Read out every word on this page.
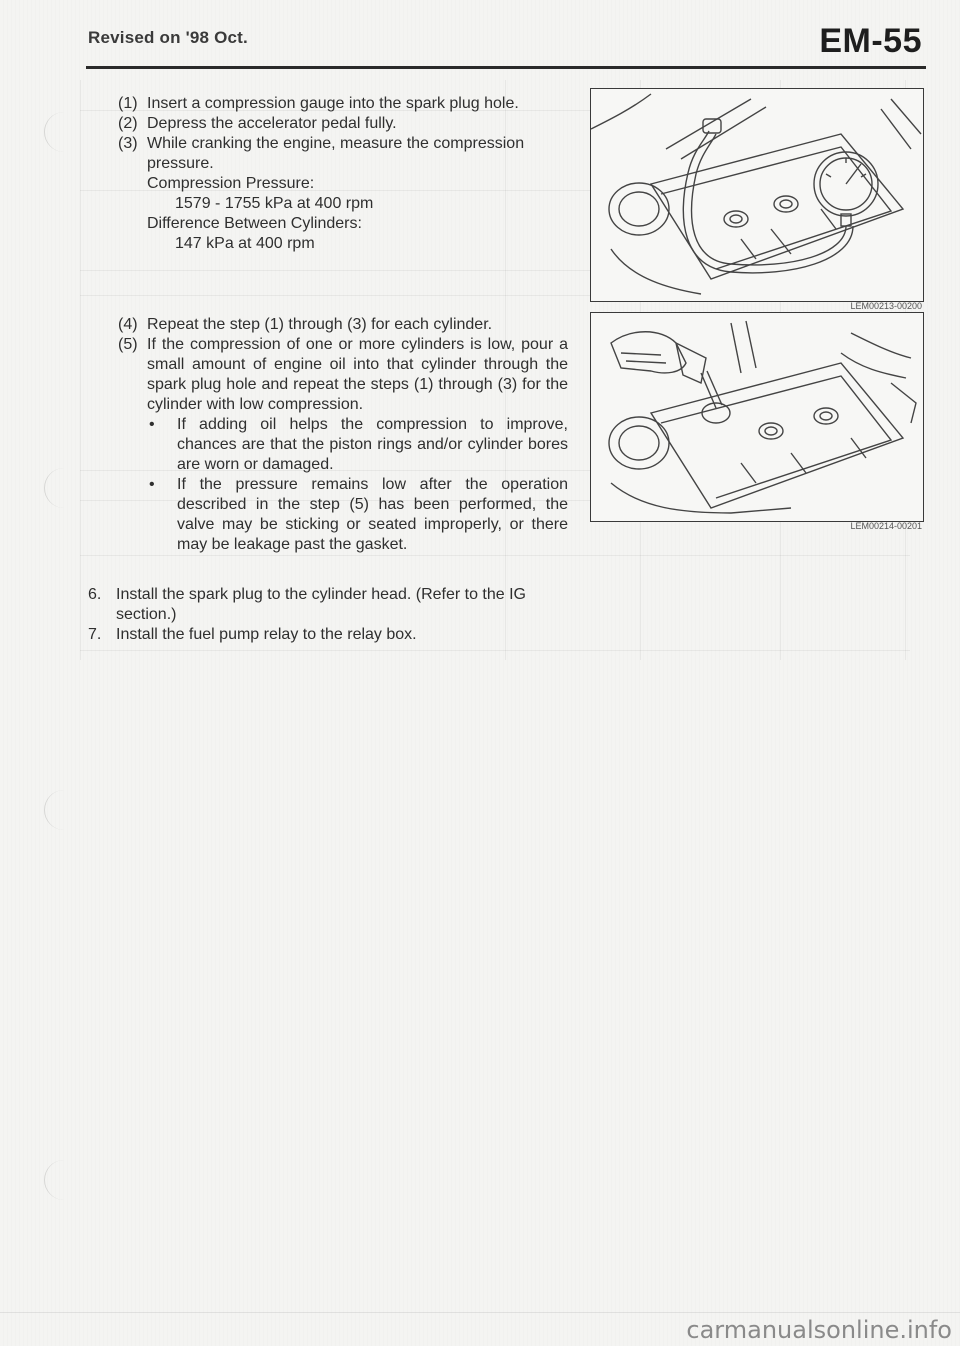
Revised on '98 Oct.	EM-55
(1) Insert a compression gauge into the spark plug hole.
(2) Depress the accelerator pedal fully.
(3) While cranking the engine, measure the compression
pressure.
Compression Pressure:
1579 - 1755 kPa at 400 rpm
Difference Between Cylinders:
147 kPa at 400 rpm
(4) Repeat the step (1) through (3) for each cylinder.
(5) If the compression of one or more cylinders is low, pour a small amount of engine oil into that cylinder through the spark plug hole and repeat the steps (1) through (3) for the cylinder with low compression.
•	If adding oil helps the compression to improve, chances are that the piston rings and/or cylinder bores are worn or damaged.
•	If the pressure remains low after the operation described in the step (5) has been performed, the valve may be sticking or seated improperly, or there may be leakage past the gasket.
6. Install the spark plug to the cylinder head. (Refer to the IG section.)
7. Install the fuel pump relay to the relay box.
LEM00213-00200
LEM00214-00201
carmanualsonline.info
